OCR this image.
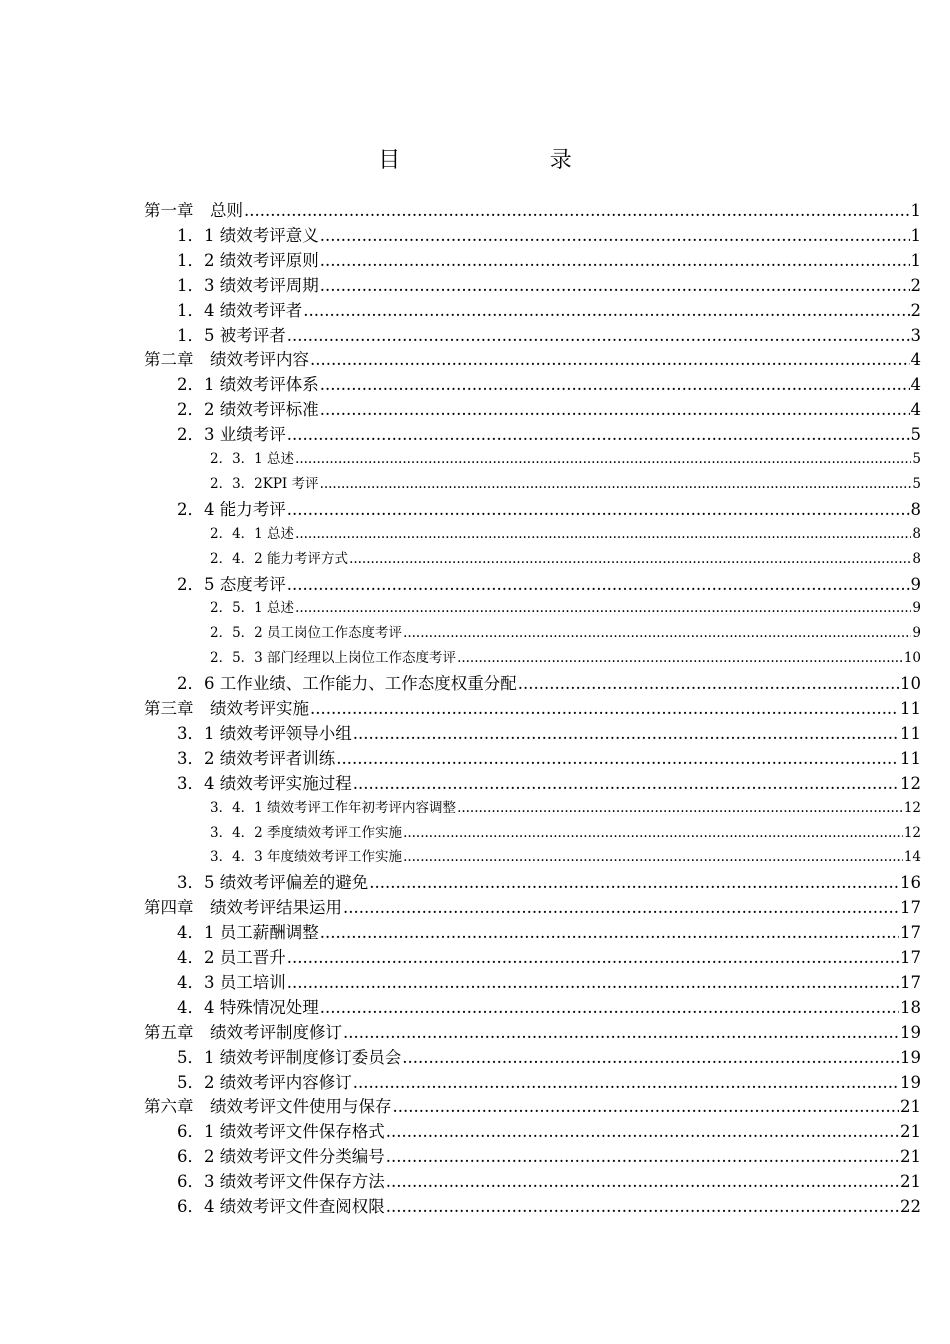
目　　录
第一章　总则 .....	1
1．1 绩效考评意义 .....	1
1．2 绩效考评原则 .....	1
1．3 绩效考评周期 .....	2
1．4 绩效考评者 .....	2
1．5 被考评者 .....	3
第二章　绩效考评内容 .....	4
2．1 绩效考评体系 .....	4
2．2 绩效考评标准 .....	4
2．3 业绩考评 .....	5
2．3．1 总述 .....	5
2．3．2KPI 考评 .....	5
2．4 能力考评 .....	8
2．4．1 总述 .....	8
2．4．2 能力考评方式 .....	8
2．5 态度考评 .....	9
2．5．1 总述 .....	9
2．5．2 员工岗位工作态度考评 .....	9
2．5．3 部门经理以上岗位工作态度考评 .....	10
2．6 工作业绩、工作能力、工作态度权重分配 .....	10
第三章　绩效考评实施 .....	11
3．1 绩效考评领导小组 .....	11
3．2 绩效考评者训练 .....	11
3．4 绩效考评实施过程 .....	12
3．4．1 绩效考评工作年初考评内容调整 .....	12
3．4．2 季度绩效考评工作实施 .....	12
3．4．3 年度绩效考评工作实施 .....	14
3．5 绩效考评偏差的避免 .....	16
第四章　绩效考评结果运用 .....	17
4．1 员工薪酬调整 .....	17
4．2 员工晋升 .....	17
4．3 员工培训 .....	17
4．4 特殊情况处理 .....	18
第五章　绩效考评制度修订 .....	19
5．1 绩效考评制度修订委员会 .....	19
5．2 绩效考评内容修订 .....	19
第六章　绩效考评文件使用与保存 .....	21
6．1 绩效考评文件保存格式 .....	21
6．2 绩效考评文件分类编号 .....	21
6．3 绩效考评文件保存方法 .....	21
6．4 绩效考评文件查阅权限 .....	22
